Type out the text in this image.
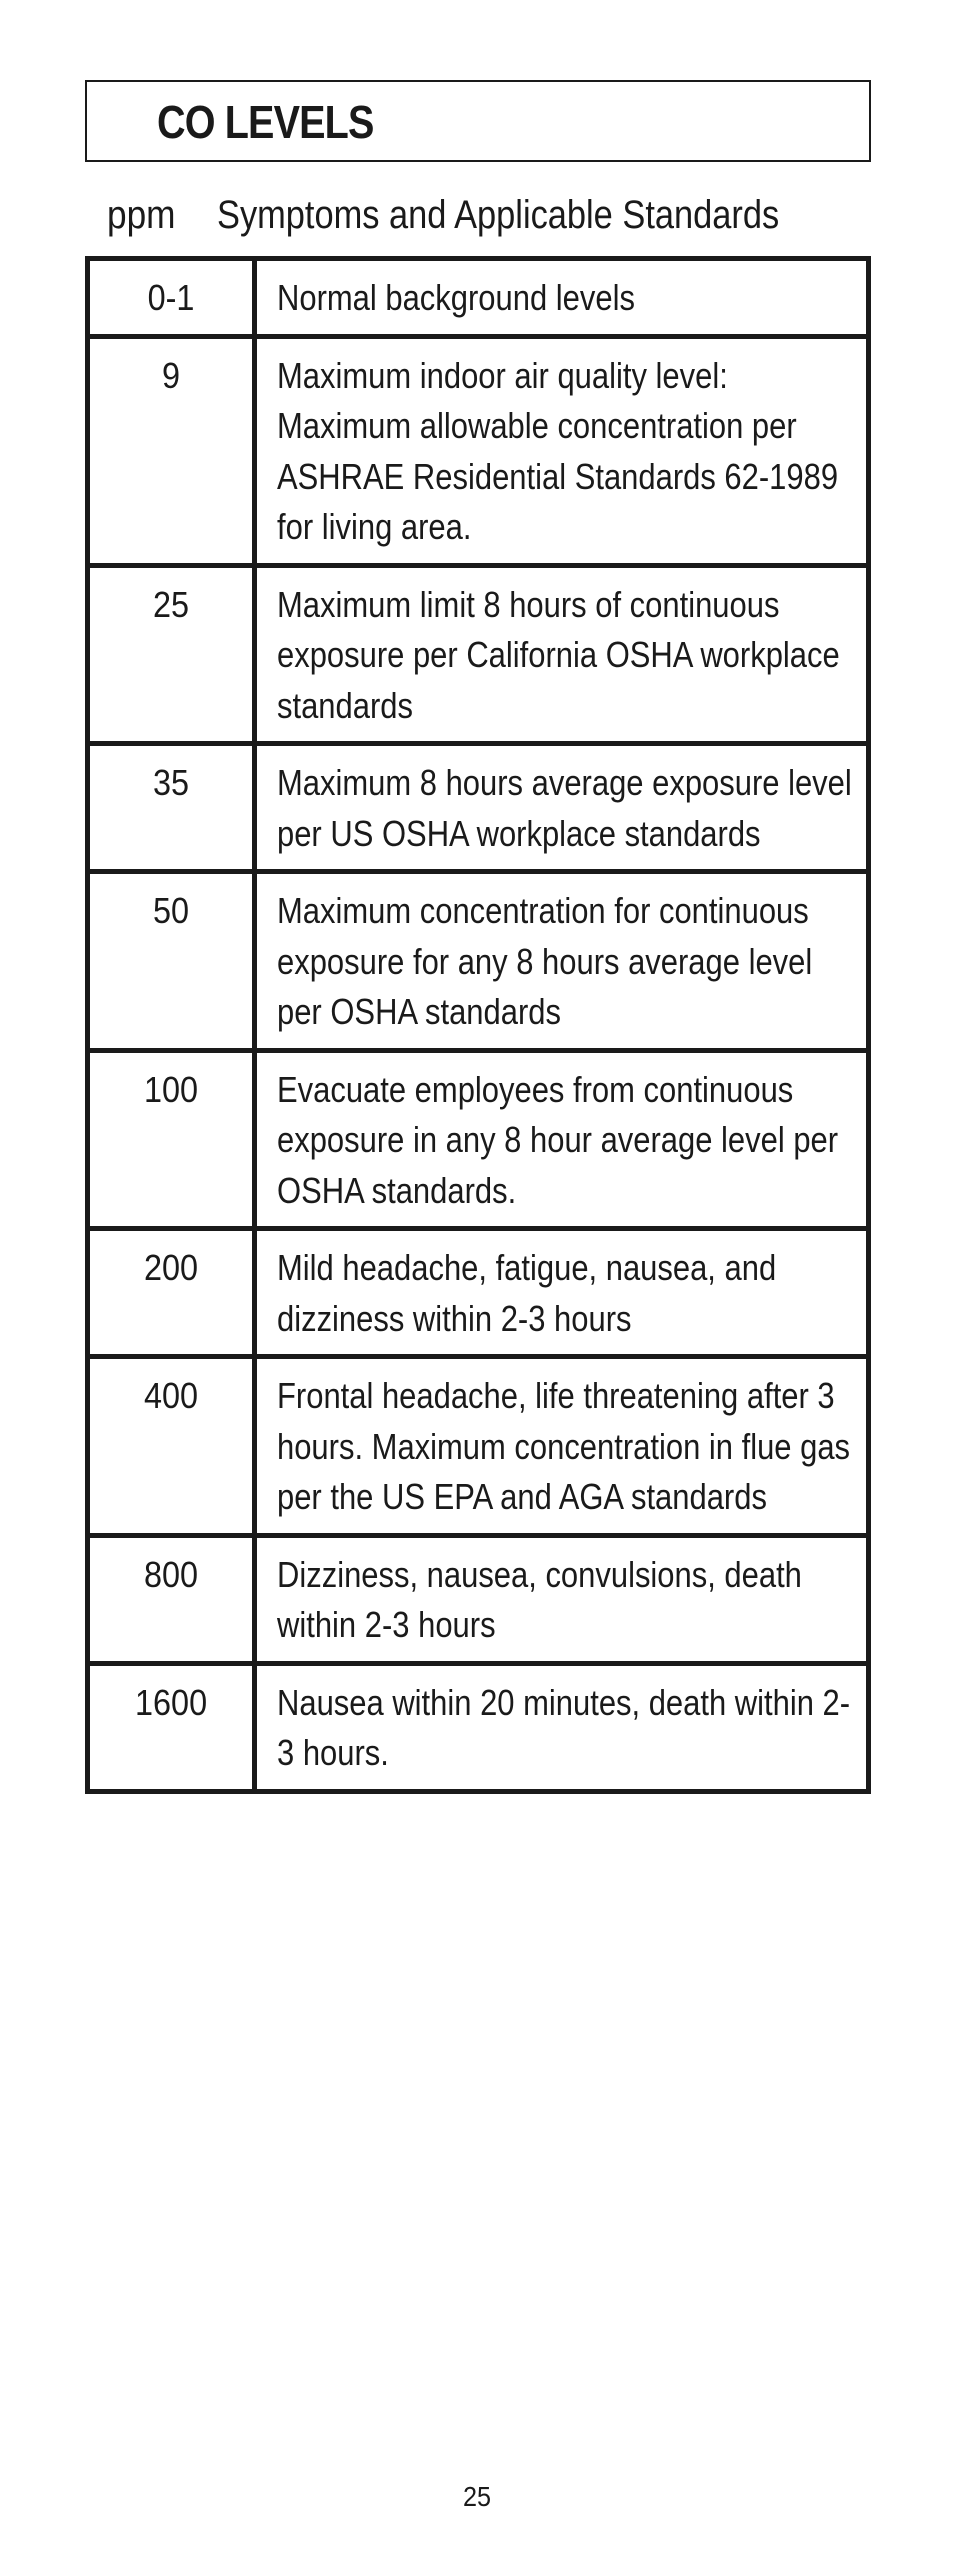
CO LEVELS
ppm Symptoms and Applicable Standards
0-1	Normal background levels

9	Maximum indoor air quality level: Maximum allowable concentration per ASHRAE Residential Standards 62-1989 for living area.

25	Maximum limit 8 hours of continuous exposure per California OSHA workplace standards

35	Maximum 8 hours average exposure level per US OSHA workplace standards

50	Maximum concentration for continuous exposure for any 8 hours average level per OSHA standards

100	Evacuate employees from continuous exposure in any 8 hour average level per OSHA standards.

200	Mild headache, fatigue, nausea, and dizziness within 2-3 hours

400	Frontal headache, life threatening after 3 hours. Maximum concentration in flue gas per the US EPA and AGA standards

800	Dizziness, nausea, convulsions, death within 2-3 hours

1600	Nausea within 20 minutes, death within 2-3 hours.
25
